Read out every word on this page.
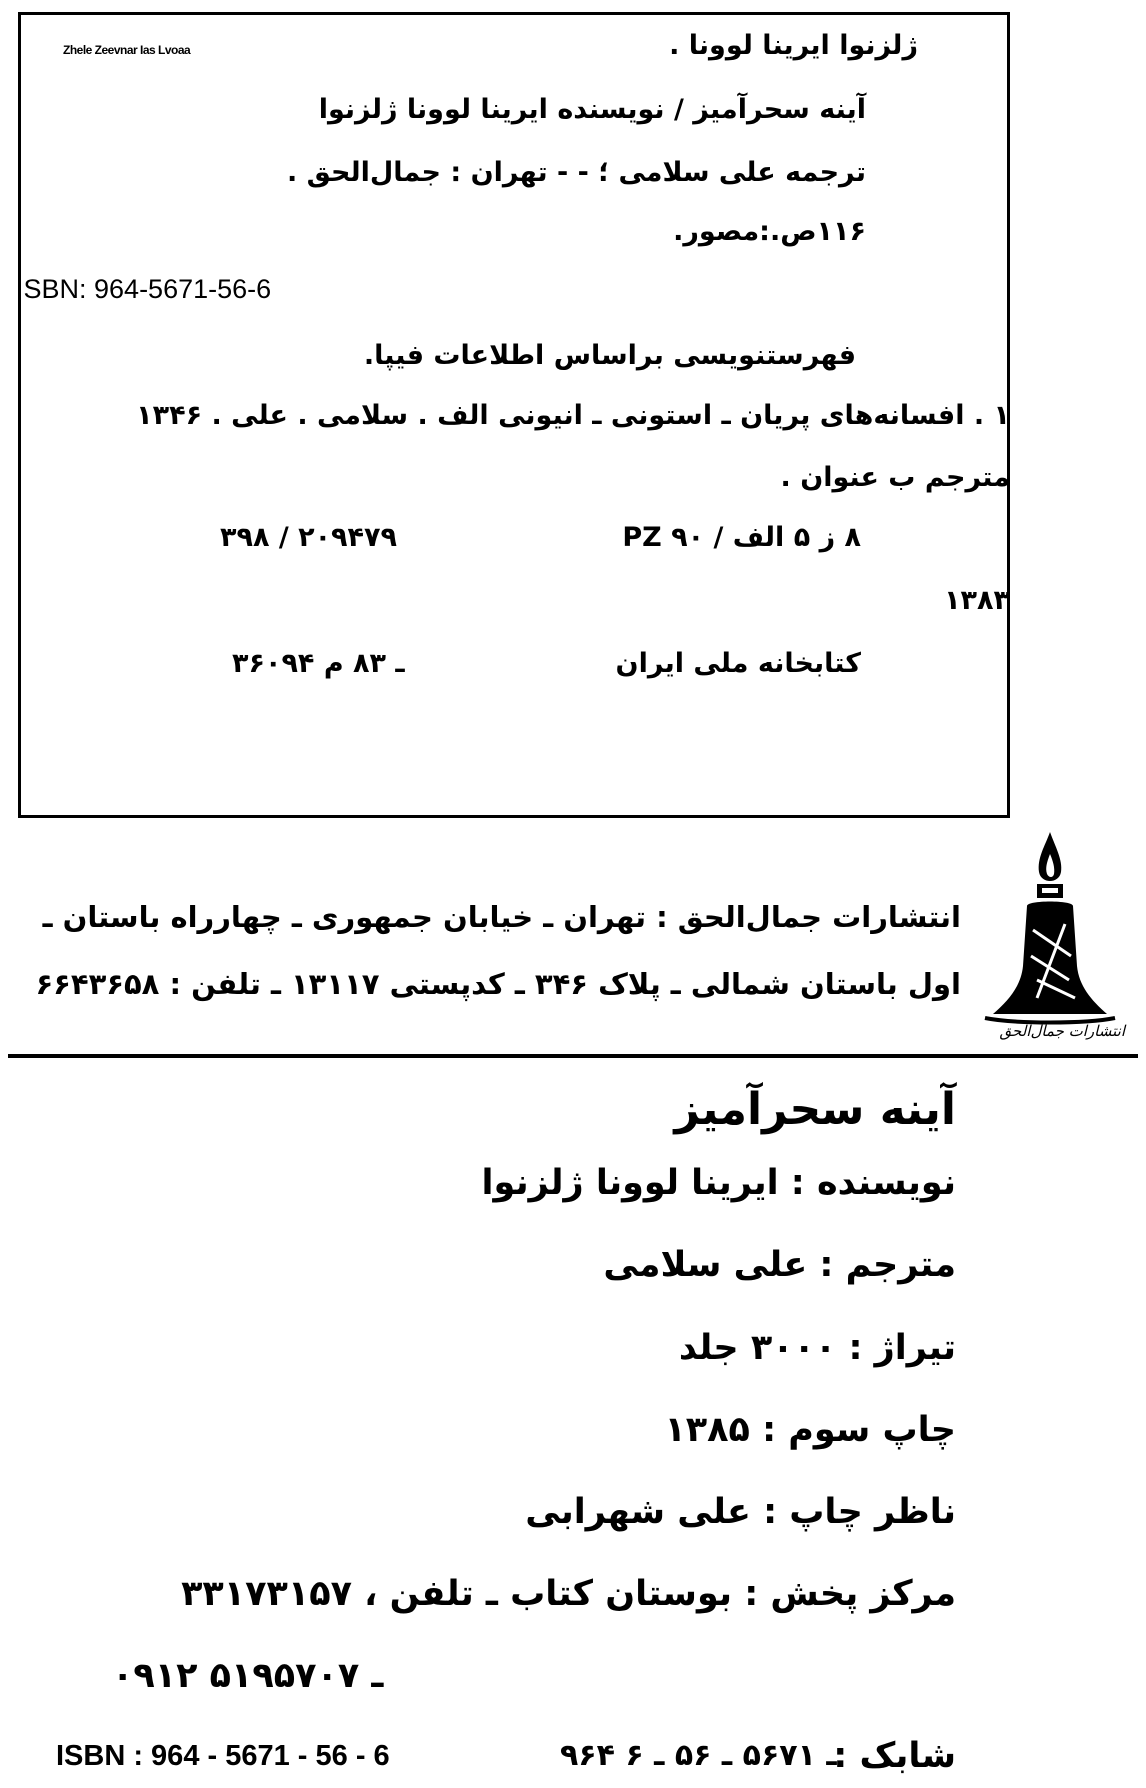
Zhele Zeevnar Ias Lvoaa	ژلزنوا ایرینا لوونا .
آینه سحرآمیز / نویسنده ایرینا لوونا ژلزنوا
ترجمه علی سلامی ؛ - - تهران : جمال‌الحق .
۱۱۶ص.:مصور.
ISBN: 964-5671-56-6
فهرستنویسی براساس اطلاعات فیپا.
۱ . افسانه‌های پریان ـ استونی ـ انیونی الف . سلامی . علی . ۱۳۴۶
مترجم ب عنوان .
۸ ز ۵ الف / ۹۰ PZ
۳۹۸ / ۲۰۹۴۷۹
۱۳۸۳
کتابخانه ملی ایران
۳۶۰۹۴ ـ ۸۳ م
انتشارات جمال‌الحق : تهران ـ خیابان جمهوری ـ چهارراه باستان ـ
اول باستان شمالی ـ پلاک ۳۴۶ ـ کدپستی ۱۳۱۱۷ ـ تلفن : ۶۶۴۳۶۵۸
انتشارات جمال‌الحق
آینه سحرآمیز
نویسنده : ایرینا لوونا ژلزنوا
مترجم : علی سلامی
تیراژ : ۳۰۰۰ جلد
چاپ سوم : ۱۳۸۵
ناظر چاپ : علی شهرابی
مرکز پخش : بوستان کتاب ـ تلفن ، ۳۳۱۷۳۱۵۷
۰۹۱۲ ـ ۵۱۹۵۷۰۷
ISBN : 964 - 5671 - 56 - 6	۹۶۴ ـ ۵۶۷۱ ـ ۵۶ ـ ۶
شابک :
